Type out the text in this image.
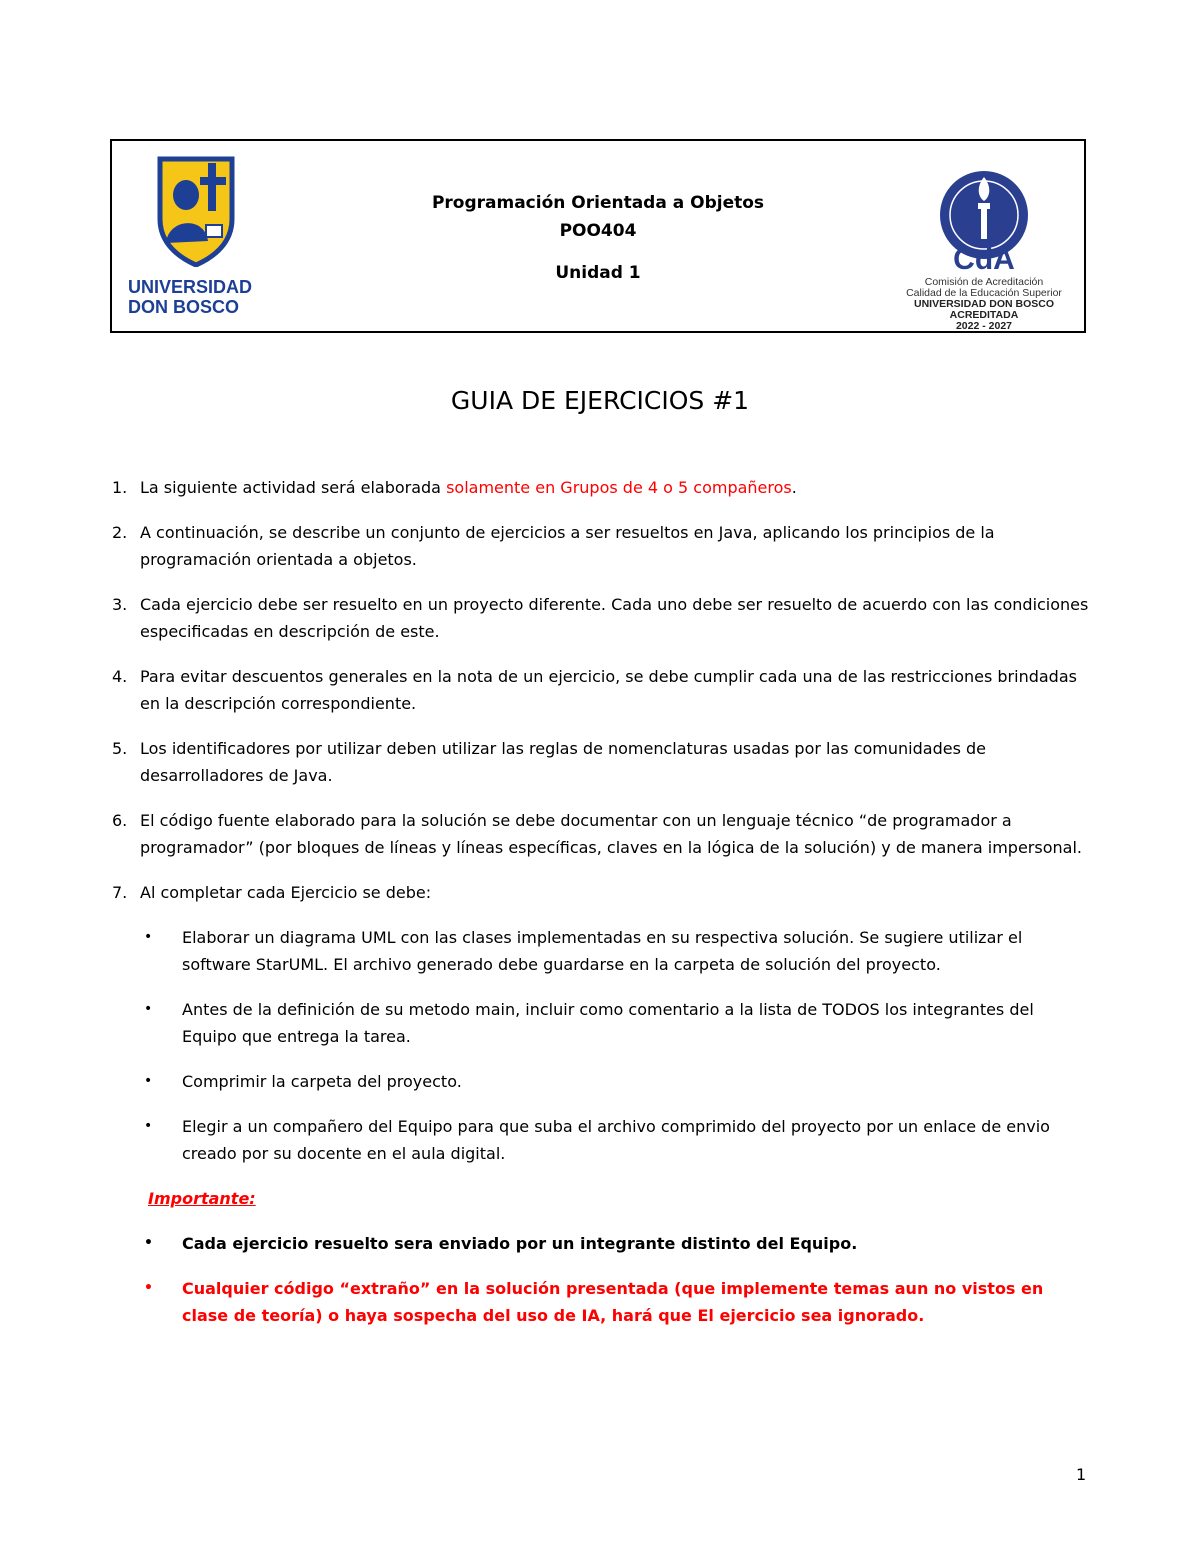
UNIVERSIDAD
DON BOSCO
Programación Orientada a Objetos
POO404
Unidad 1	CdA
Comisión de Acreditación
Calidad de la Educación Superior
UNIVERSIDAD DON BOSCO
ACREDITADA
2022 - 2027
GUIA DE EJERCICIOS #1
1. La siguiente actividad será elaborada solamente en Grupos de 4 o 5 compañeros.
2. A continuación, se describe un conjunto de ejercicios a ser resueltos en Java, aplicando los principios de la programación orientada a objetos.
3. Cada ejercicio debe ser resuelto en un proyecto diferente. Cada uno debe ser resuelto de acuerdo con las condiciones especificadas en descripción de este.
4. Para evitar descuentos generales en la nota de un ejercicio, se debe cumplir cada una de las restricciones brindadas en la descripción correspondiente.
5. Los identificadores por utilizar deben utilizar las reglas de nomenclaturas usadas por las comunidades de desarrolladores de Java.
6. El código fuente elaborado para la solución se debe documentar con un lenguaje técnico “de programador a programador” (por bloques de líneas y líneas específicas, claves en la lógica de la solución) y de manera impersonal.
7. Al completar cada Ejercicio se debe:
• Elaborar un diagrama UML con las clases implementadas en su respectiva solución. Se sugiere utilizar el software StarUML. El archivo generado debe guardarse en la carpeta de solución del proyecto.
• Antes de la definición de su metodo main, incluir como comentario a la lista de TODOS los integrantes del Equipo que entrega la tarea.
• Comprimir la carpeta del proyecto.
• Elegir a un compañero del Equipo para que suba el archivo comprimido del proyecto por un enlace de envio creado por su docente en el aula digital.
Importante:
• Cada ejercicio resuelto sera enviado por un integrante distinto del Equipo.
• Cualquier código “extraño” en la solución presentada (que implemente temas aun no vistos en clase de teoría) o haya sospecha del uso de IA, hará que El ejercicio sea ignorado.
1
